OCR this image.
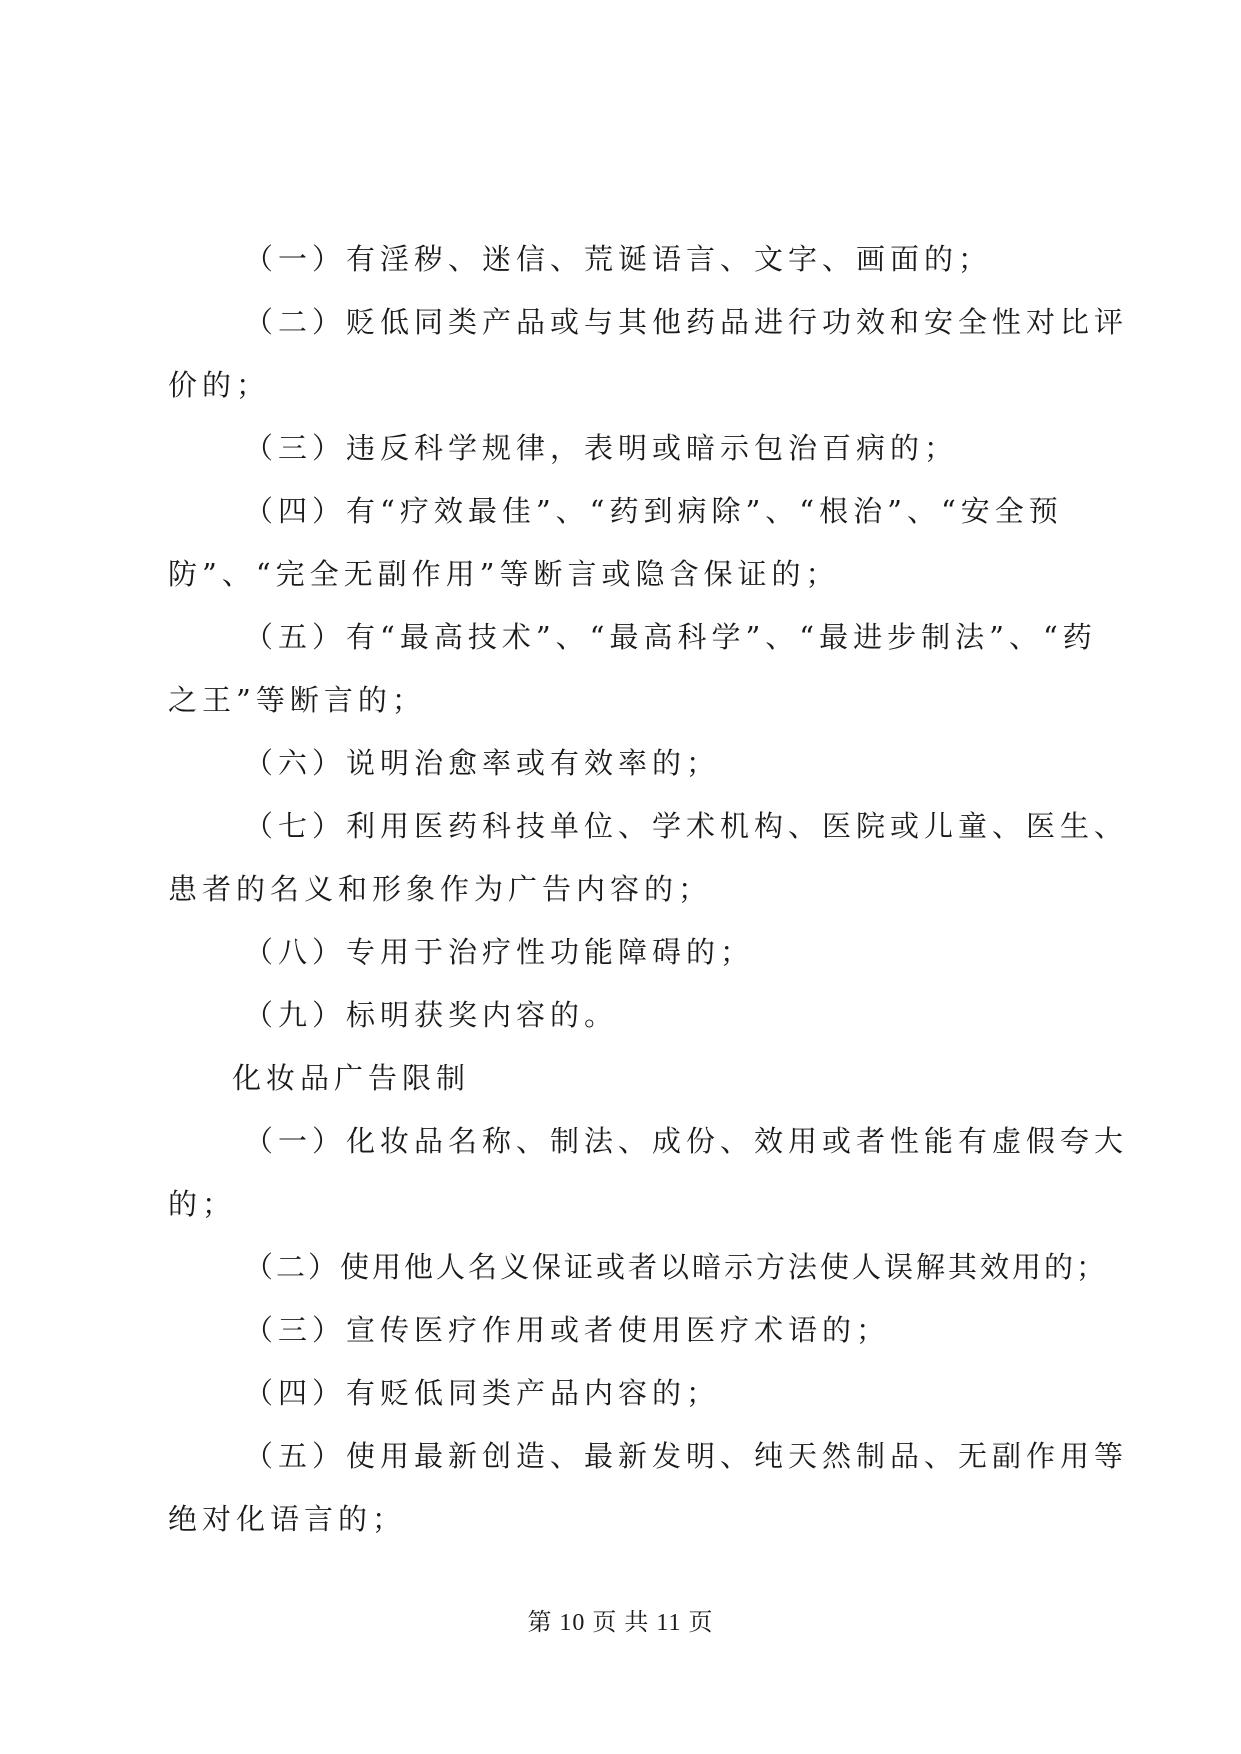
（一）有淫秽、迷信、荒诞语言、文字、画面的；
（二）贬低同类产品或与其他药品进行功效和安全性对比评
价的；
（三）违反科学规律，表明或暗示包治百病的；
（四）有“疗效最佳”、“药到病除”、“根治”、“安全预
防”、“完全无副作用”等断言或隐含保证的；
（五）有“最高技术”、“最高科学”、“最进步制法”、“药
之王”等断言的；
（六）说明治愈率或有效率的；
（七）利用医药科技单位、学术机构、医院或儿童、医生、
患者的名义和形象作为广告内容的；
（八）专用于治疗性功能障碍的；
（九）标明获奖内容的。
化妆品广告限制
（一）化妆品名称、制法、成份、效用或者性能有虚假夸大
的；
（二）使用他人名义保证或者以暗示方法使人误解其效用的；
（三）宣传医疗作用或者使用医疗术语的；
（四）有贬低同类产品内容的；
（五）使用最新创造、最新发明、纯天然制品、无副作用等
绝对化语言的；
第 10 页 共 11 页
